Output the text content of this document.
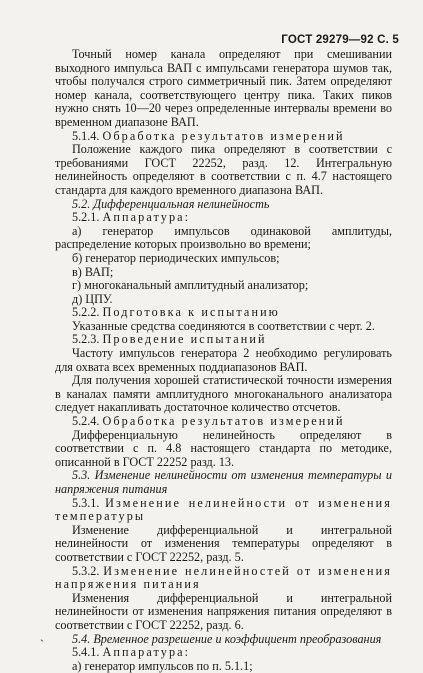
ГОСТ 29279—92 С. 5

Точный номер канала определяют при смешивании выходного импульса ВАП с импульсами генератора шумов так, чтобы получался строго симметричный пик. Затем определяют номер канала, соответствующего центру пика. Таких пиков нужно снять 10—20 через определенные интервалы времени во временном диапазоне ВАП.

5.1.4. Обработка результатов измерений

Положение каждого пика определяют в соответствии с требованиями ГОСТ 22252, разд. 12. Интегральную нелинейность определяют в соответствии с п. 4.7 настоящего стандарта для каждого временного диапазона ВАП.

5.2. Дифференциальная нелинейность

5.2.1. Аппаратура:

а) генератор импульсов одинаковой амплитуды, распределение которых произвольно во времени;

б) генератор периодических импульсов;

в) ВАП;

г) многоканальный амплитудный анализатор;

д) ЦПУ.

5.2.2. Подготовка к испытанию

Указанные средства соединяются в соответствии с черт. 2.

5.2.3. Проведение испытаний

Частоту импульсов генератора 2 необходимо регулировать для охвата всех временных поддиапазонов ВАП.

Для получения хорошей статистической точности измерения в каналах памяти амплитудного многоканального анализатора следует накапливать достаточное количество отсчетов.

5.2.4. Обработка результатов измерений

Дифференциальную нелинейность определяют в соответствии с п. 4.8 настоящего стандарта по методике, описанной в ГОСТ 22252 разд. 13.

5.3. Изменение нелинейности от изменения температуры и напряжения питания

5.3.1. Изменение нелинейности от изменения температуры

Изменение дифференциальной и интегральной нелинейности от изменения температуры определяют в соответствии с ГОСТ 22252, разд. 5.

5.3.2. Изменение нелинейностей от изменения напряжения питания

Изменения дифференциальной и интегральной нелинейности от изменения напряжения питания определяют в соответствии с ГОСТ 22252, разд. 6.

5.4. Временное разрешение и коэффициент преобразования

5.4.1. Аппаратура:

а) генератор импульсов по п. 5.1.1;

ˏ
